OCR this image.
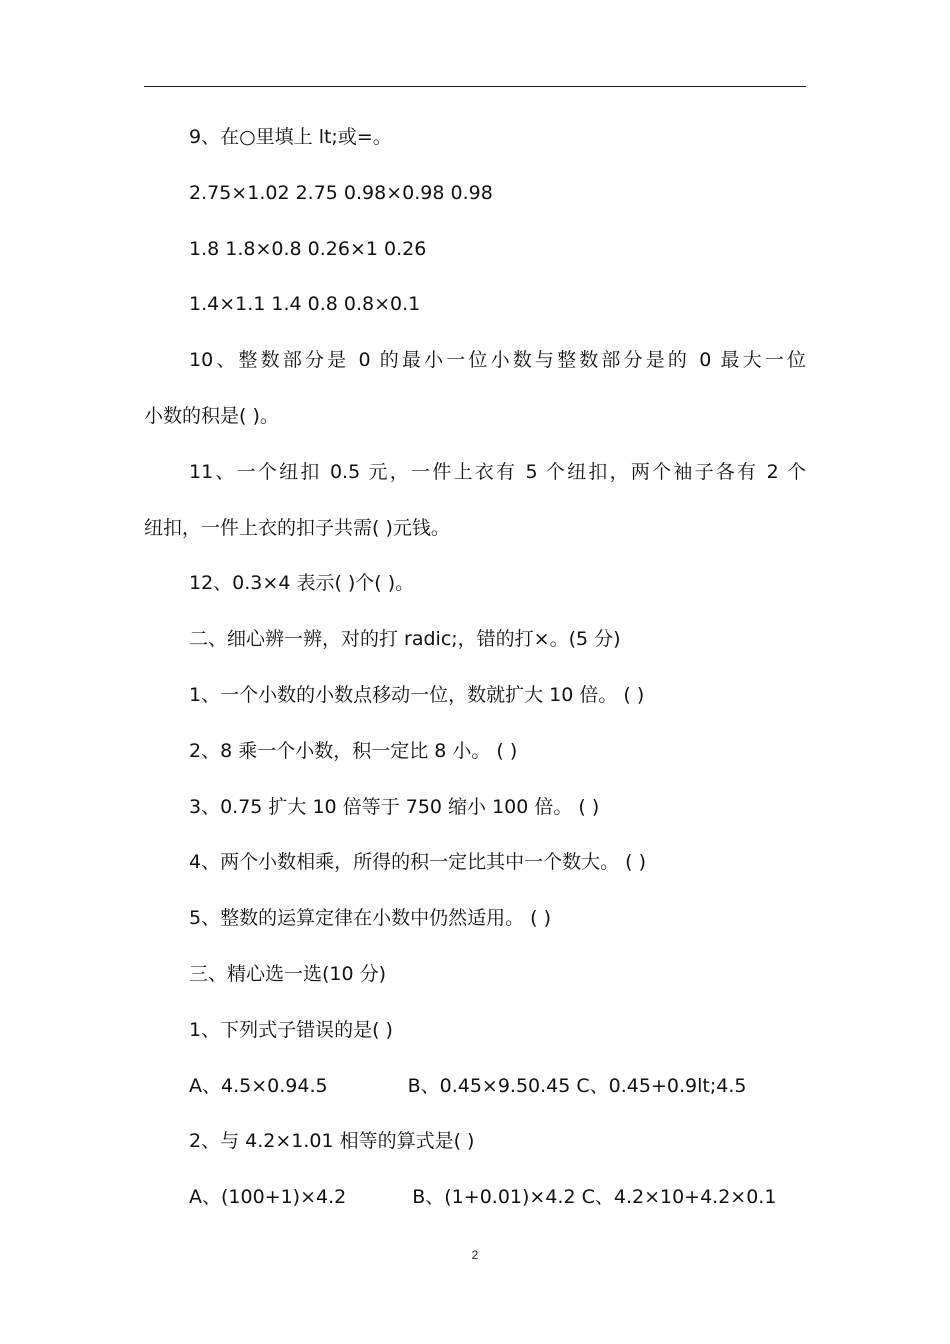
9、在○里填上 lt;或=。
2.75×1.02 2.75 0.98×0.98 0.98
1.8 1.8×0.8 0.26×1 0.26
1.4×1.1 1.4 0.8 0.8×0.1
10、整数部分是 0 的最小一位小数与整数部分是的 0 最大一位
小数的积是( )。
11、一个纽扣 0.5 元，一件上衣有 5 个纽扣，两个袖子各有 2 个
纽扣，一件上衣的扣子共需( )元钱。
12、0.3×4 表示( )个( )。
二、细心辨一辨，对的打 radic;，错的打×。(5 分)
1、一个小数的小数点移动一位，数就扩大 10 倍。 ( )
2、8 乘一个小数，积一定比 8 小。 ( )
3、0.75 扩大 10 倍等于 750 缩小 100 倍。 ( )
4、两个小数相乘，所得的积一定比其中一个数大。 ( )
5、整数的运算定律在小数中仍然适用。 ( )
三、精心选一选(10 分)
1、下列式子错误的是( )
A、4.5×0.94.5	B、0.45×9.50.45 C、0.45+0.9lt;4.5
2、与 4.2×1.01 相等的算式是( )
A、(100+1)×4.2	B、(1+0.01)×4.2 C、4.2×10+4.2×0.1
2
